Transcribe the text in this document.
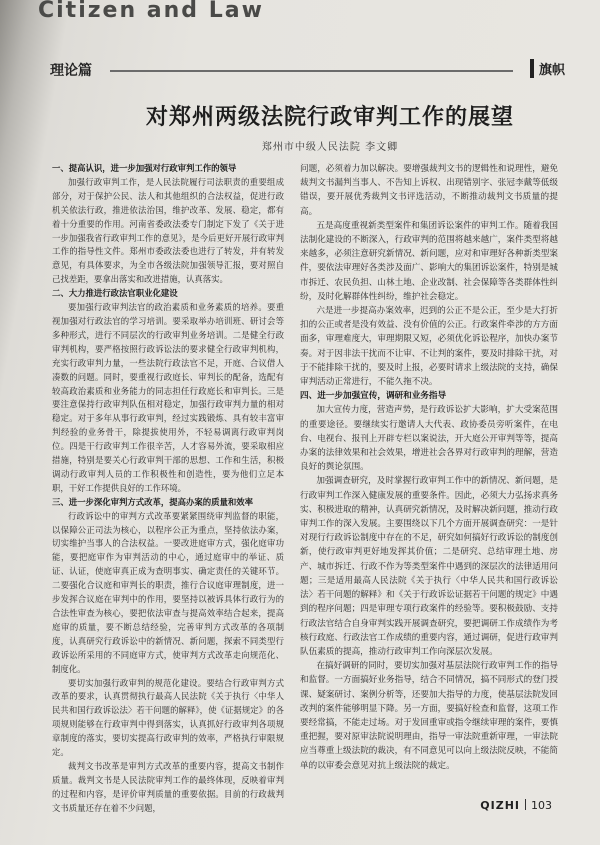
Citizen and Law
理论篇	旗帜
对郑州两级法院行政审判工作的展望
郑州市中级人民法院 李文卿
一、提高认识，进一步加强对行政审判工作的领导

加强行政审判工作，是人民法院履行司法职责的重要组成部分，对于保护公民、法人和其他组织的合法权益，促进行政机关依法行政，推进依法治国，维护改革、发展、稳定，都有着十分重要的作用。河南省委政法委专门制定下发了《关于进一步加强我省行政审判工作的意见》，是今后更好开展行政审判工作的指导性文件。郑州市委政法委也进行了转发，并有转发意见，有具体要求，为全市各级法院加强领导汇报，要对照自己找差距，要拿出落实和改进措施，认真落实。

二、大力推进行政法官职业化建设

要加强行政审判法官的政治素质和业务素质的培养。要重视加强对行政法官的学习培训。要采取举办培训班、研讨会等多种形式，进行不同层次的行政审判业务培训。二是健全行政审判机构，要严格按照行政诉讼法的要求健全行政审判机构，充实行政审判力量，一些法院行政法官不足，开庭、合议借人凑数的问题。同时，要重视行政庭长、审判长的配备，选配有较高政治素质和业务能力的同志担任行政庭长和审判长。三是要注意保持行政审判队伍相对稳定，加强行政审判力量的相对稳定。对于多年从事行政审判，经过实践锻炼、具有较丰富审判经验的业务骨干，除提拔使用外，不轻易调离行政审判岗位。四是干行政审判工作很辛苦，人才容易外流，要采取相应措施，特别是要关心行政审判干部的思想、工作和生活，积极调动行政审判人员的工作积极性和创造性，要为他们立足本职，干好工作提供良好的工作环境。

三、进一步深化审判方式改革，提高办案的质量和效率

行政诉讼中的审判方式改革要紧紧围绕审判监督的职能，以保障公正司法为核心，以程序公正为重点，坚持依法办案，切实维护当事人的合法权益。一要改进庭审方式，强化庭审功能，要把庭审作为审判活动的中心，通过庭审中的举证、质证、认证，使庭审真正成为查明事实、确定责任的关键环节。二要强化合议庭和审判长的职责，推行合议庭审理制度，进一步发挥合议庭在审判中的作用，要坚持以被诉具体行政行为的合法性审查为核心，要把依法审查与提高效率结合起来，提高庭审的质量，要不断总结经验，完善审判方式改革的各项制度，认真研究行政诉讼中的新情况、新问题，探索不同类型行政诉讼所采用的不同庭审方式，使审判方式改革走向规范化、制度化。

要切实加强行政审判的规范化建设。要结合行政审判方式改革的要求，认真贯彻执行最高人民法院《关于执行〈中华人民共和国行政诉讼法〉若干问题的解释》，使《证据规定》的各项规则能够在行政审判中得到落实，认真抓好行政审判各项规章制度的落实，要切实提高行政审判的效率，严格执行审限规定。

裁判文书改革是审判方式改革的重要内容，提高文书制作质量。裁判文书是人民法院审判工作的最终体现，反映着审判的过程和内容，是评价审判质量的重要依据。目前的行政裁判文书质量还存在着不少问题，

问题，必须着力加以解决。要增强裁判文书的逻辑性和说理性，避免裁判文书漏判当事人、不告知上诉权、出现错别字、张冠李戴等低级错误，要开展优秀裁判文书评选活动，不断推动裁判文书质量的提高。

五是高度重视新类型案件和集团诉讼案件的审判工作。随着我国法制化建设的不断深入，行政审判的范围将越来越广，案件类型将越来越多，必须注意研究新情况、新问题，应对和审理好各种新类型案件，要依法审理好各类涉及面广、影响大的集团诉讼案件，特别是城市拆迁、农民负担、山林土地、企业改制、社会保障等各类群体性纠纷，及时化解群体性纠纷，维护社会稳定。

六是进一步提高办案效率，迟到的公正不是公正，至少是大打折扣的公正或者是没有效益、没有价值的公正。行政案件牵涉的方方面面多，审理难度大，审理期限又短，必须优化诉讼程序，加快办案节奏。对于因非法干扰而不让审、不让判的案件，要及时排除干扰，对于不能排除干扰的，要及时上报，必要时请求上级法院的支持，确保审判活动正常进行，不能久拖不决。

四、进一步加强宣传，调研和业务指导

加大宣传力度，营造声势，是行政诉讼扩大影响，扩大受案范围的重要途径。要继续实行邀请人大代表、政协委员旁听案件，在电台、电视台、报刊上开辟专栏以案说法，开大庭公开审判等等，提高办案的法律效果和社会效果，增进社会各界对行政审判的理解，营造良好的舆论氛围。

加强调查研究，及时掌握行政审判工作中的新情况、新问题，是行政审判工作深入健康发展的重要条件。因此，必须大力弘扬求真务实、积极进取的精神，认真研究新情况，及时解决新问题，推动行政审判工作的深入发展。主要围绕以下几个方面开展调查研究：一是针对现行行政诉讼制度中存在的不足，研究如何搞好行政诉讼的制度创新，使行政审判更好地发挥其价值；二是研究、总结审理土地、房产、城市拆迁、行政不作为等类型案件中遇到的深层次的法律适用问题；三是适用最高人民法院《关于执行〈中华人民共和国行政诉讼法〉若干问题的解释》和《关于行政诉讼证据若干问题的规定》中遇到的程序问题；四是审理专项行政案件的经验等。要积极鼓励、支持行政法官结合自身审判实践开展调查研究，要把调研工作成绩作为考核行政庭、行政法官工作成绩的重要内容，通过调研，促进行政审判队伍素质的提高，推动行政审判工作向深层次发展。

在搞好调研的同时，要切实加强对基层法院行政审判工作的指导和监督。一方面搞好业务指导，结合不同情况，搞不同形式的登门授课、疑案研讨、案例分析等，还要加大指导的力度，使基层法院发回改判的案件能够明显下降。另一方面，要搞好检查和监督，这项工作要经常搞，不能走过场。对于发回重审或指令继续审理的案件，要慎重把握，要对原审法院说明理由，指导一审法院重新审理，一审法院应当尊重上级法院的裁决，有不同意见可以向上级法院反映，不能简单的以审委会意见对抗上级法院的裁定。

QIZHI 103
